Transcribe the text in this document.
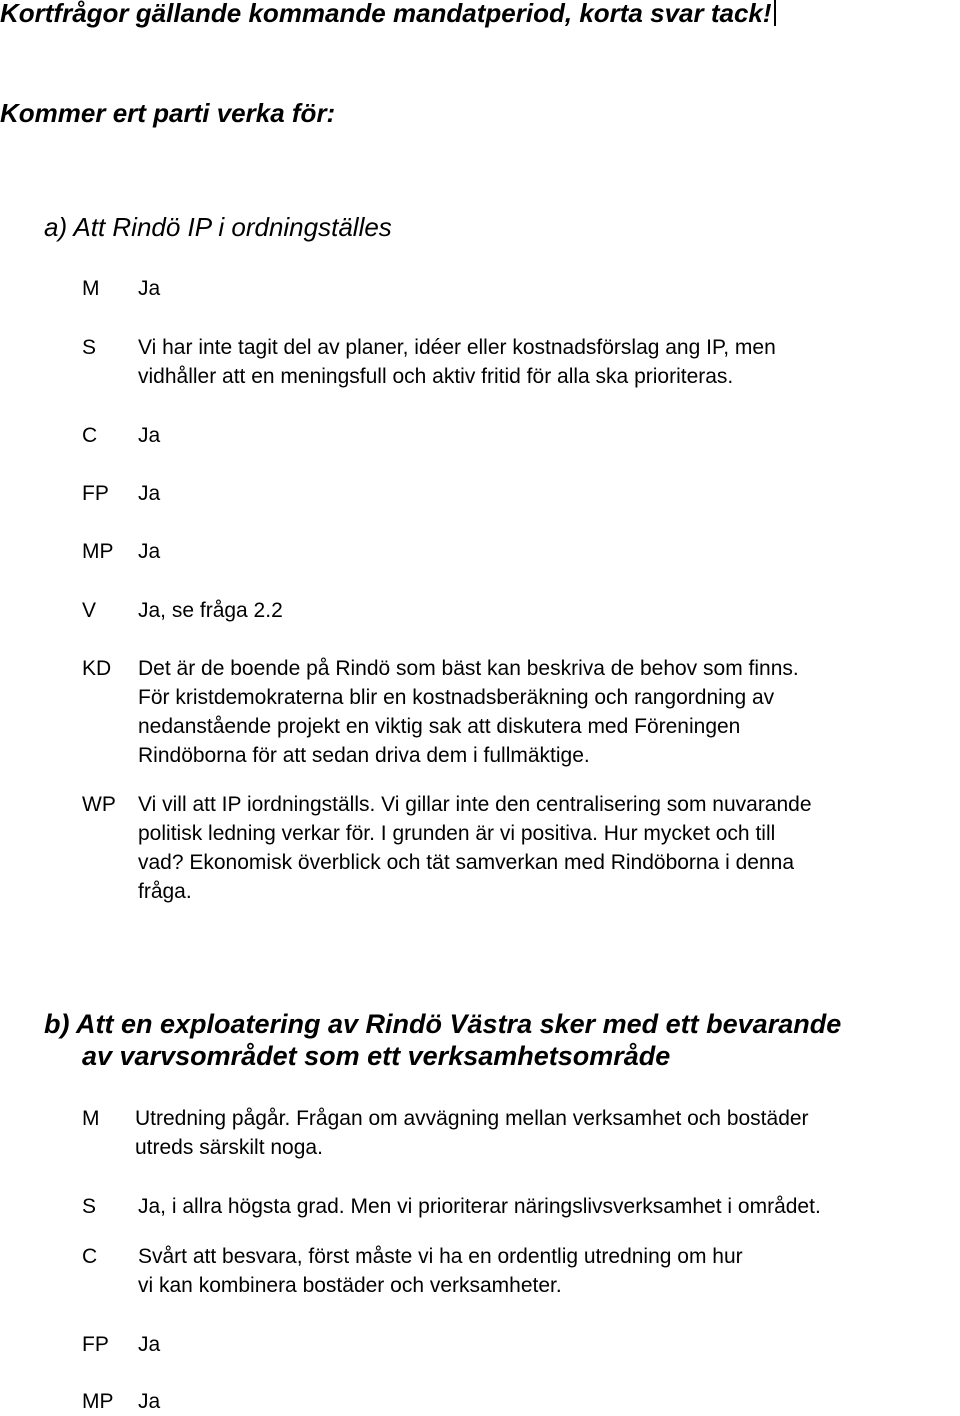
Kortfrågor gällande kommande mandatperiod, korta svar tack!
Kommer ert parti verka för:
a) Att Rindö IP i ordningställes
M Ja
S Vi har inte tagit del av planer, idéer eller kostnadsförslag ang IP, men
vidhåller att en meningsfull och aktiv fritid för alla ska prioriteras.
C Ja
FP Ja
MP Ja
V Ja, se fråga 2.2
KD Det är de boende på Rindö som bäst kan beskriva de behov som finns.
För kristdemokraterna blir en kostnadsberäkning och rangordning av
nedanstående projekt en viktig sak att diskutera med Föreningen
Rindöborna för att sedan driva dem i fullmäktige.
WP Vi vill att IP iordningställs. Vi gillar inte den centralisering som nuvarande
politisk ledning verkar för. I grunden är vi positiva. Hur mycket och till
vad? Ekonomisk överblick och tät samverkan med Rindöborna i denna
fråga.
b) Att en exploatering av Rindö Västra sker med ett bevarande
av varvsområdet som ett verksamhetsområde
M Utredning pågår. Frågan om avvägning mellan verksamhet och bostäder
utreds särskilt noga.
S Ja, i allra högsta grad. Men vi prioriterar näringslivsverksamhet i området.
C Svårt att besvara, först måste vi ha en ordentlig utredning om hur
vi kan kombinera bostäder och verksamheter.
FP Ja
MP Ja
